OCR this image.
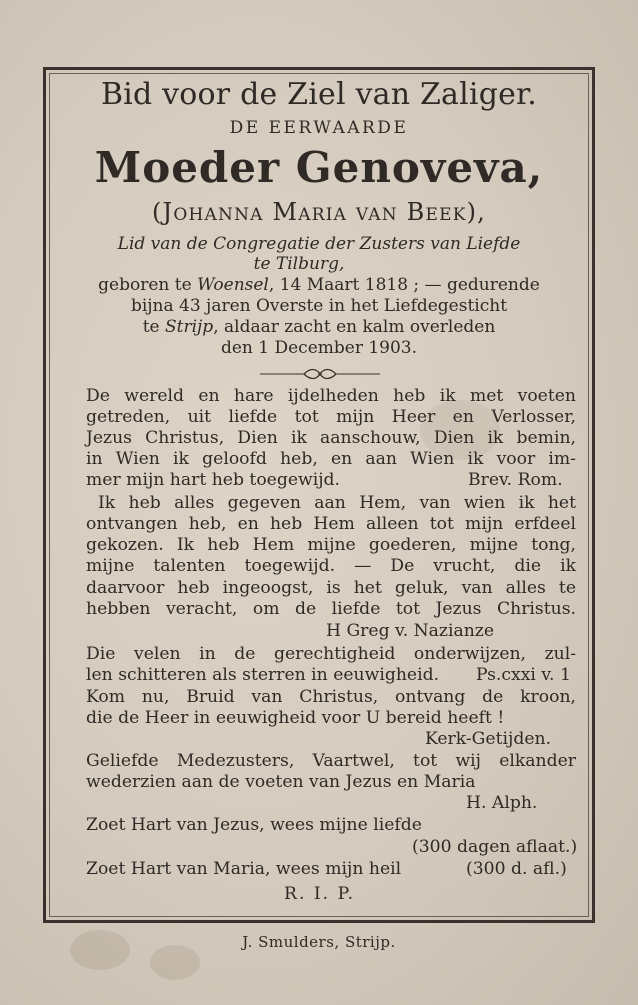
Bid voor de Ziel van Zaliger.
DE EERWAARDE
Moeder Genoveva,
(Johanna Maria van Beek),
Lid van de Congregatie der Zusters van Liefde
te Tilburg,
geboren te Woensel, 14 Maart 1818 ; — gedurende
bijna 43 jaren Overste in het Liefdegesticht
te Strijp, aldaar zacht en kalm overleden
den 1 December 1903.
De wereld en hare ijdelheden heb ik met voeten
getreden, uit liefde tot mijn Heer en Verlosser,
Jezus Christus, Dien ik aanschouw, Dien ik bemin,
in Wien ik geloofd heb, en aan Wien ik voor im-
mer mijn hart heb toegewijd.	Brev. Rom.
Ik heb alles gegeven aan Hem, van wien ik het
ontvangen heb, en heb Hem alleen tot mijn erfdeel
gekozen. Ik heb Hem mijne goederen, mijne tong,
mijne talenten toegewijd. — De vrucht, die ik
daarvoor heb ingeoogst, is het geluk, van alles te
hebben veracht, om de liefde tot Jezus Christus.
H Greg v. Nazianze
Die velen in de gerechtigheid onderwijzen, zul-
len schitteren als sterren in eeuwigheid. Ps.cxxi v. 1
Kom nu, Bruid van Christus, ontvang de kroon,
die de Heer in eeuwigheid voor U bereid heeft !
Kerk-Getijden.
Geliefde Medezusters, Vaartwel, tot wij elkander
wederzien aan de voeten van Jezus en Maria
H. Alph.
Zoet Hart van Jezus, wees mijne liefde
(300 dagen aflaat.)
Zoet Hart van Maria, wees mijn heil	(300 d. afl.)
R. I. P.
J. Smulders, Strijp.
